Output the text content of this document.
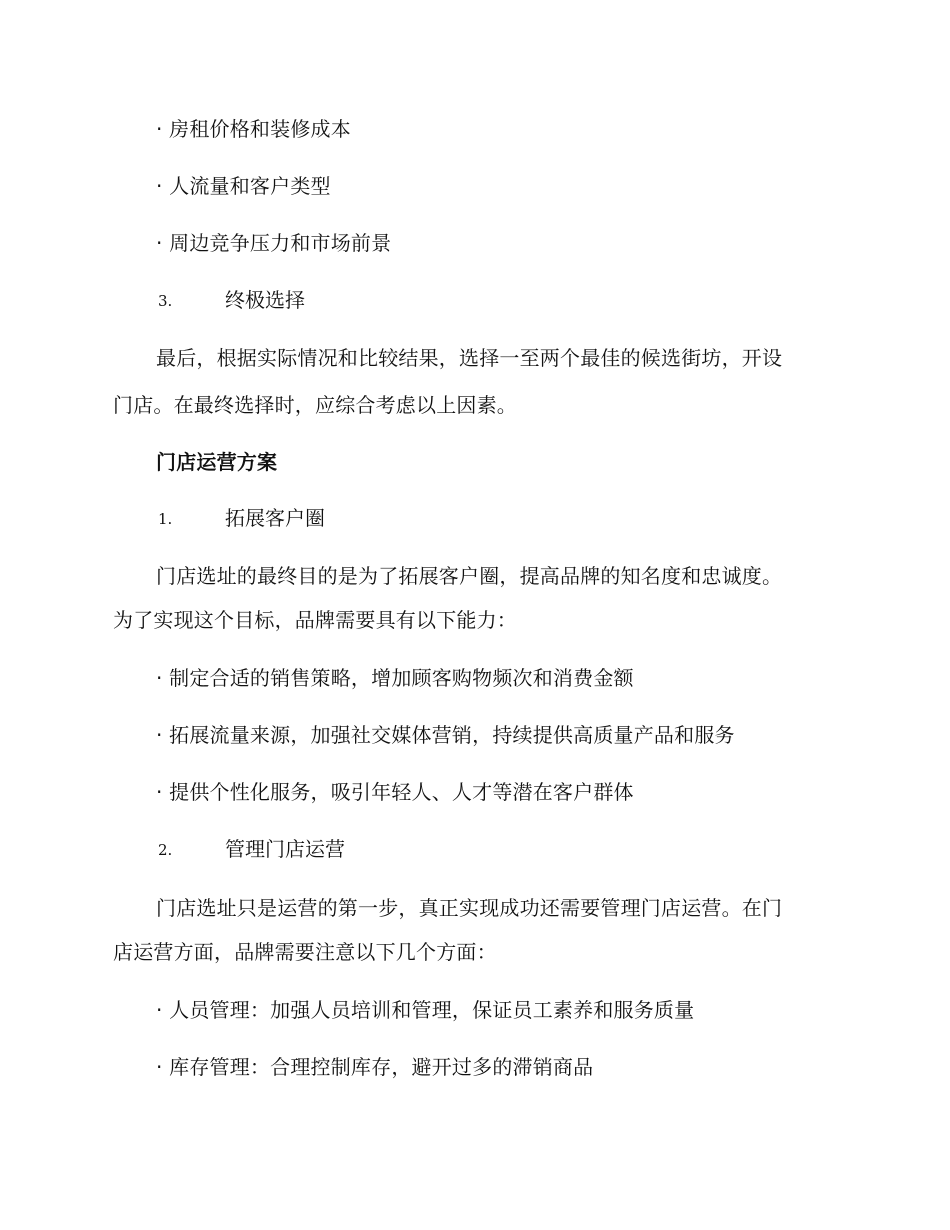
· 房租价格和装修成本
· 人流量和客户类型
· 周边竞争压力和市场前景
3.	终极选择
最后，根据实际情况和比较结果，选择一至两个最佳的候选街坊，开设
门店。在最终选择时，应综合考虑以上因素。
门店运营方案
1.	拓展客户圈
门店选址的最终目的是为了拓展客户圈，提高品牌的知名度和忠诚度。
为了实现这个目标，品牌需要具有以下能力：
· 制定合适的销售策略，增加顾客购物频次和消费金额
· 拓展流量来源，加强社交媒体营销，持续提供高质量产品和服务
· 提供个性化服务，吸引年轻人、人才等潜在客户群体
2.	管理门店运营
门店选址只是运营的第一步，真正实现成功还需要管理门店运营。在门
店运营方面，品牌需要注意以下几个方面：
· 人员管理：加强人员培训和管理，保证员工素养和服务质量
· 库存管理：合理控制库存，避开过多的滞销商品
